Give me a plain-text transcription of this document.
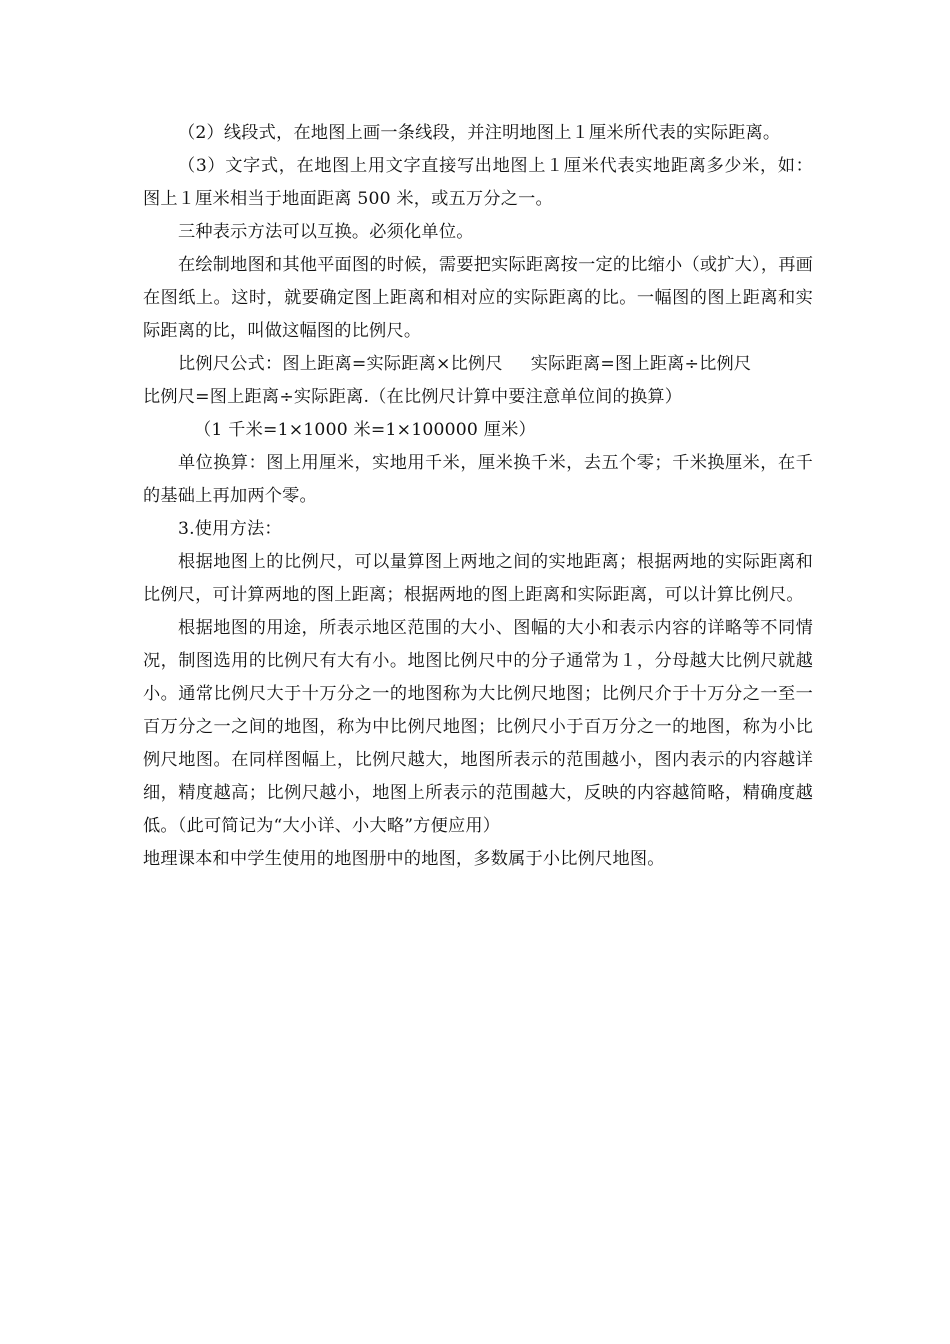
（2）线段式，在地图上画一条线段，并注明地图上１厘米所代表的实际距离。

（3）文字式，在地图上用文字直接写出地图上１厘米代表实地距离多少米，如：图上１厘米相当于地面距离 500 米，或五万分之一。

三种表示方法可以互换。必须化单位。

在绘制地图和其他平面图的时候，需要把实际距离按一定的比缩小（或扩大），再画在图纸上。这时，就要确定图上距离和相对应的实际距离的比。一幅图的图上距离和实际距离的比，叫做这幅图的比例尺。

比例尺公式：图上距离=实际距离×比例尺 实际距离=图上距离÷比例尺

比例尺=图上距离÷实际距离.（在比例尺计算中要注意单位间的换算）

（1 千米=1×1000 米=1×100000 厘米）

单位换算：图上用厘米，实地用千米，厘米换千米，去五个零；千米换厘米，在千的基础上再加两个零。

3.使用方法：

根据地图上的比例尺，可以量算图上两地之间的实地距离；根据两地的实际距离和比例尺，可计算两地的图上距离；根据两地的图上距离和实际距离，可以计算比例尺。

根据地图的用途，所表示地区范围的大小、图幅的大小和表示内容的详略等不同情况，制图选用的比例尺有大有小。地图比例尺中的分子通常为１，分母越大比例尺就越小。通常比例尺大于十万分之一的地图称为大比例尺地图；比例尺介于十万分之一至一百万分之一之间的地图，称为中比例尺地图；比例尺小于百万分之一的地图，称为小比例尺地图。在同样图幅上，比例尺越大，地图所表示的范围越小，图内表示的内容越详细，精度越高；比例尺越小，地图上所表示的范围越大，反映的内容越简略，精确度越低。（此可简记为“大小详、小大略”方便应用）

地理课本和中学生使用的地图册中的地图，多数属于小比例尺地图。
